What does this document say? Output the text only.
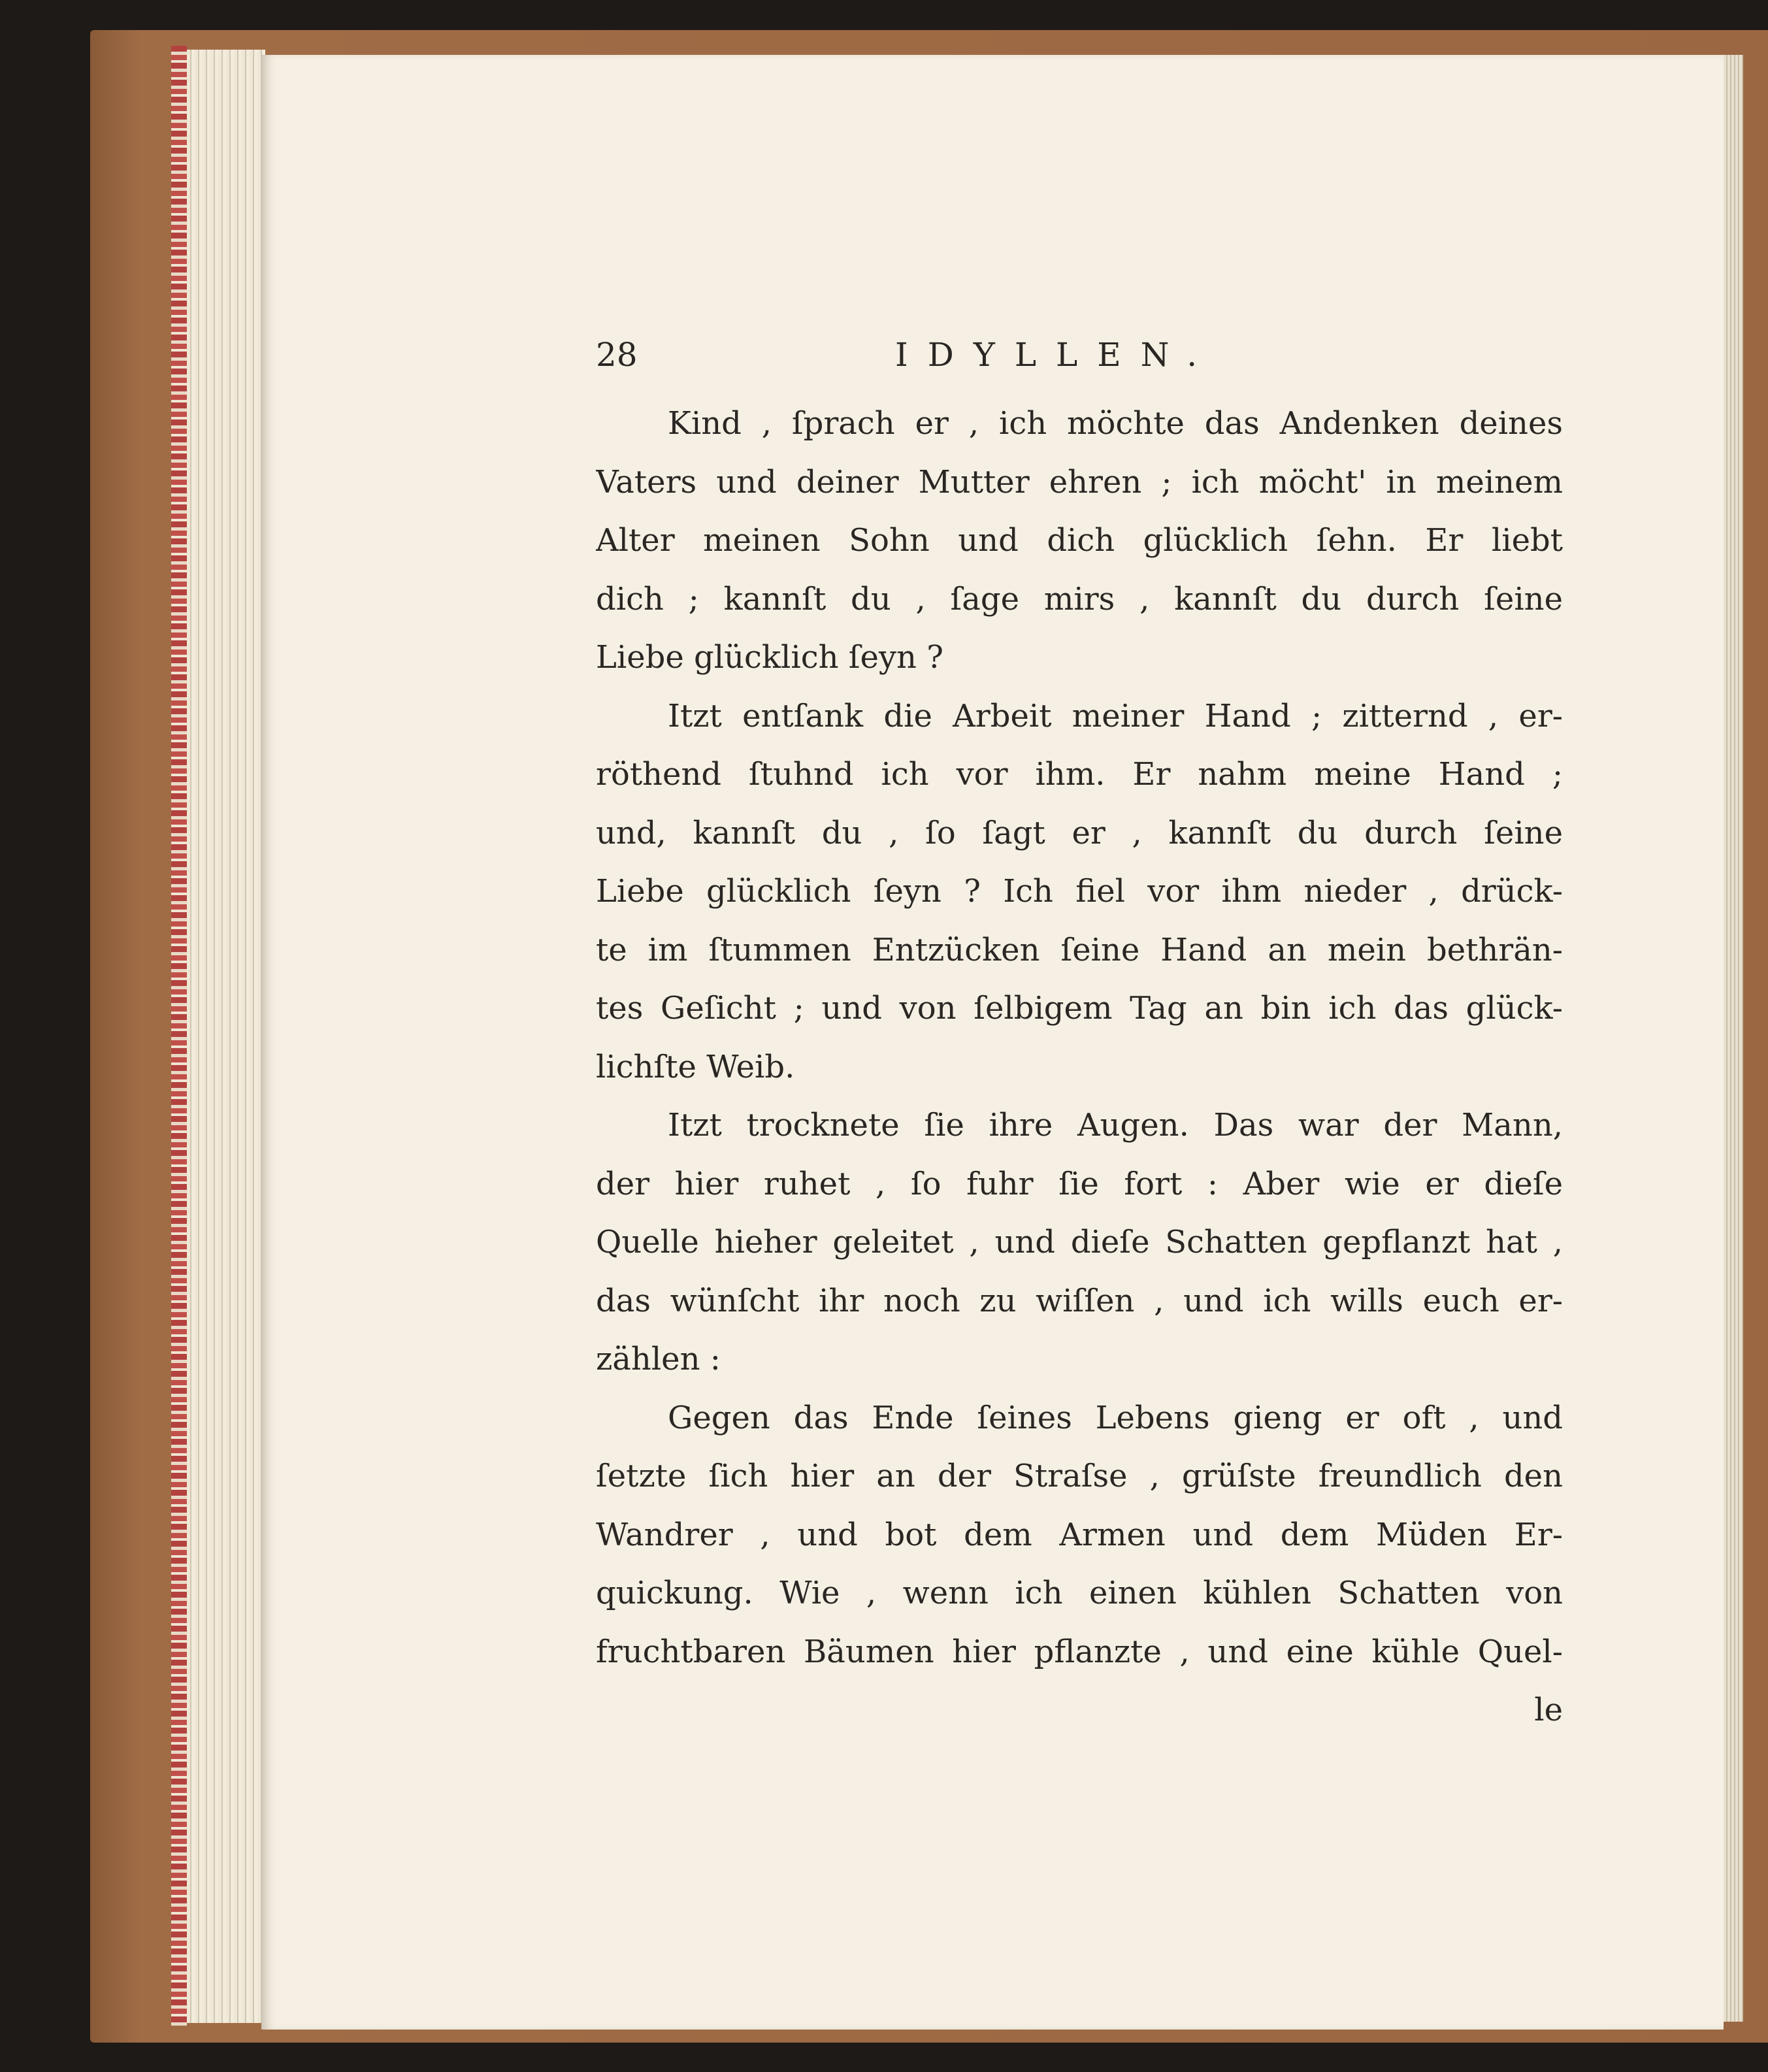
28	IDYLLEN.
Kind , ſprach er , ich möchte das Andenken deines
Vaters und deiner Mutter ehren ; ich möcht' in meinem
Alter meinen Sohn und dich glücklich ſehn. Er liebt
dich ; kannſt du , ſage mirs , kannſt du durch ſeine
Liebe glücklich ſeyn ?
Itzt entſank die Arbeit meiner Hand ; zitternd , er-
röthend ſtuhnd ich vor ihm. Er nahm meine Hand ;
und, kannſt du , ſo ſagt er , kannſt du durch ſeine
Liebe glücklich ſeyn ? Ich fiel vor ihm nieder , drück-
te im ſtummen Entzücken ſeine Hand an mein bethrän-
tes Geſicht ; und von ſelbigem Tag an bin ich das glück-
lichſte Weib.
Itzt trocknete ſie ihre Augen. Das war der Mann,
der hier ruhet , ſo fuhr ſie fort : Aber wie er dieſe
Quelle hieher geleitet , und dieſe Schatten gepflanzt hat ,
das wünſcht ihr noch zu wiſſen , und ich wills euch er-
zählen :
Gegen das Ende ſeines Lebens gieng er oft , und
ſetzte ſich hier an der Straſse , grüſste freundlich den
Wandrer , und bot dem Armen und dem Müden Er-
quickung. Wie , wenn ich einen kühlen Schatten von
fruchtbaren Bäumen hier pflanzte , und eine kühle Quel-
le
